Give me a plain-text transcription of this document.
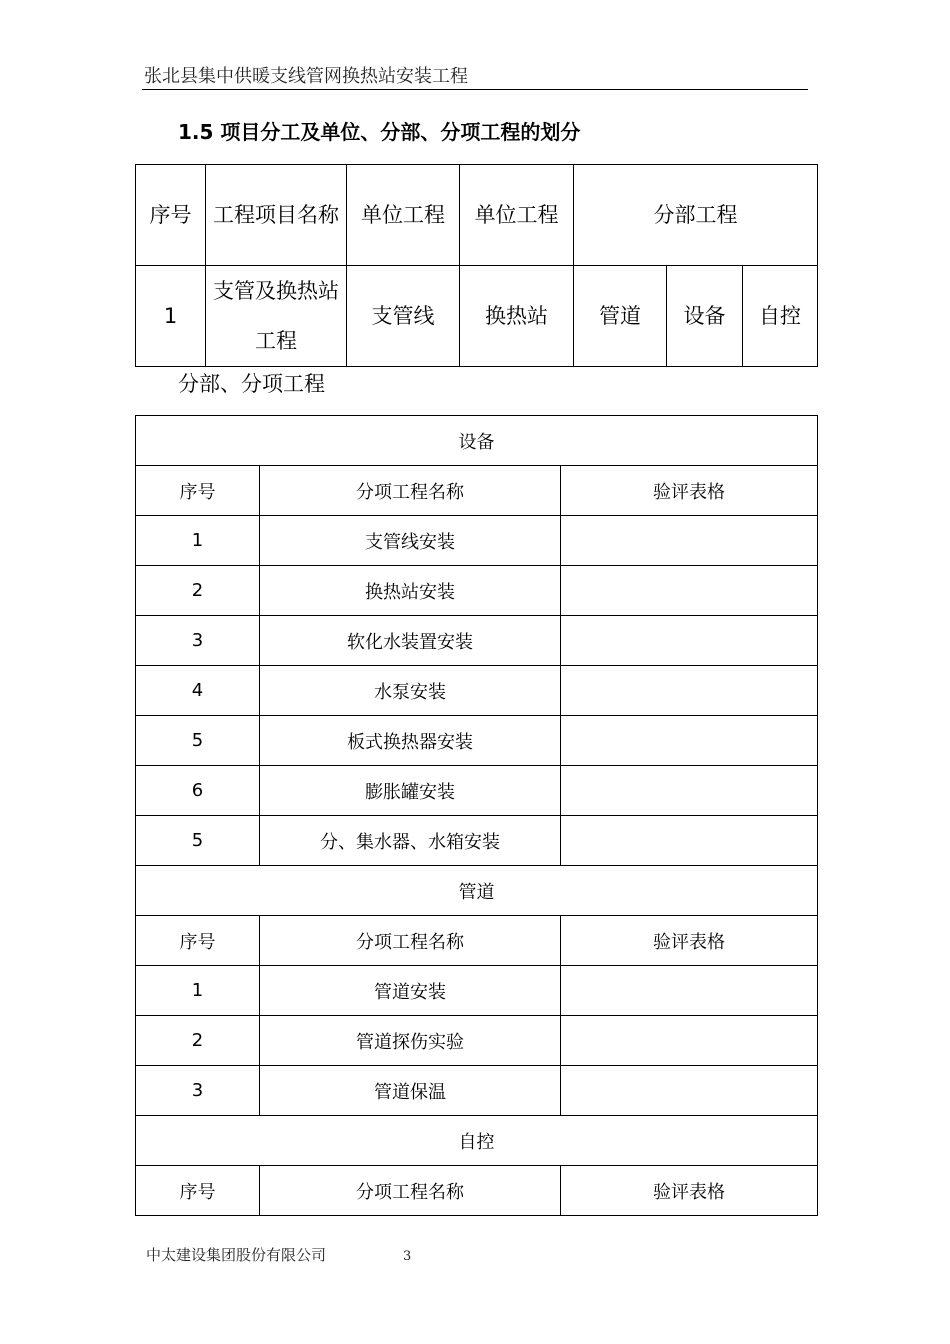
张北县集中供暖支线管网换热站安装工程
1.5 项目分工及单位、分部、分项工程的划分
序号	工程项目名称	单位工程	单位工程	分部工程		
1	支管及换热站工程	支管线	换热站	管道	设备	自控
分部、分项工程
设备		
序号	分项工程名称	验评表格
1	支管线安装	
2	换热站安装	
3	软化水装置安装	
4	水泵安装	
5	板式换热器安装	
6	膨胀罐安装	
5	分、集水器、水箱安装	
管道		
序号	分项工程名称	验评表格
1	管道安装	
2	管道探伤实验	
3	管道保温	
自控		
序号	分项工程名称	验评表格
中太建设集团股份有限公司	3
